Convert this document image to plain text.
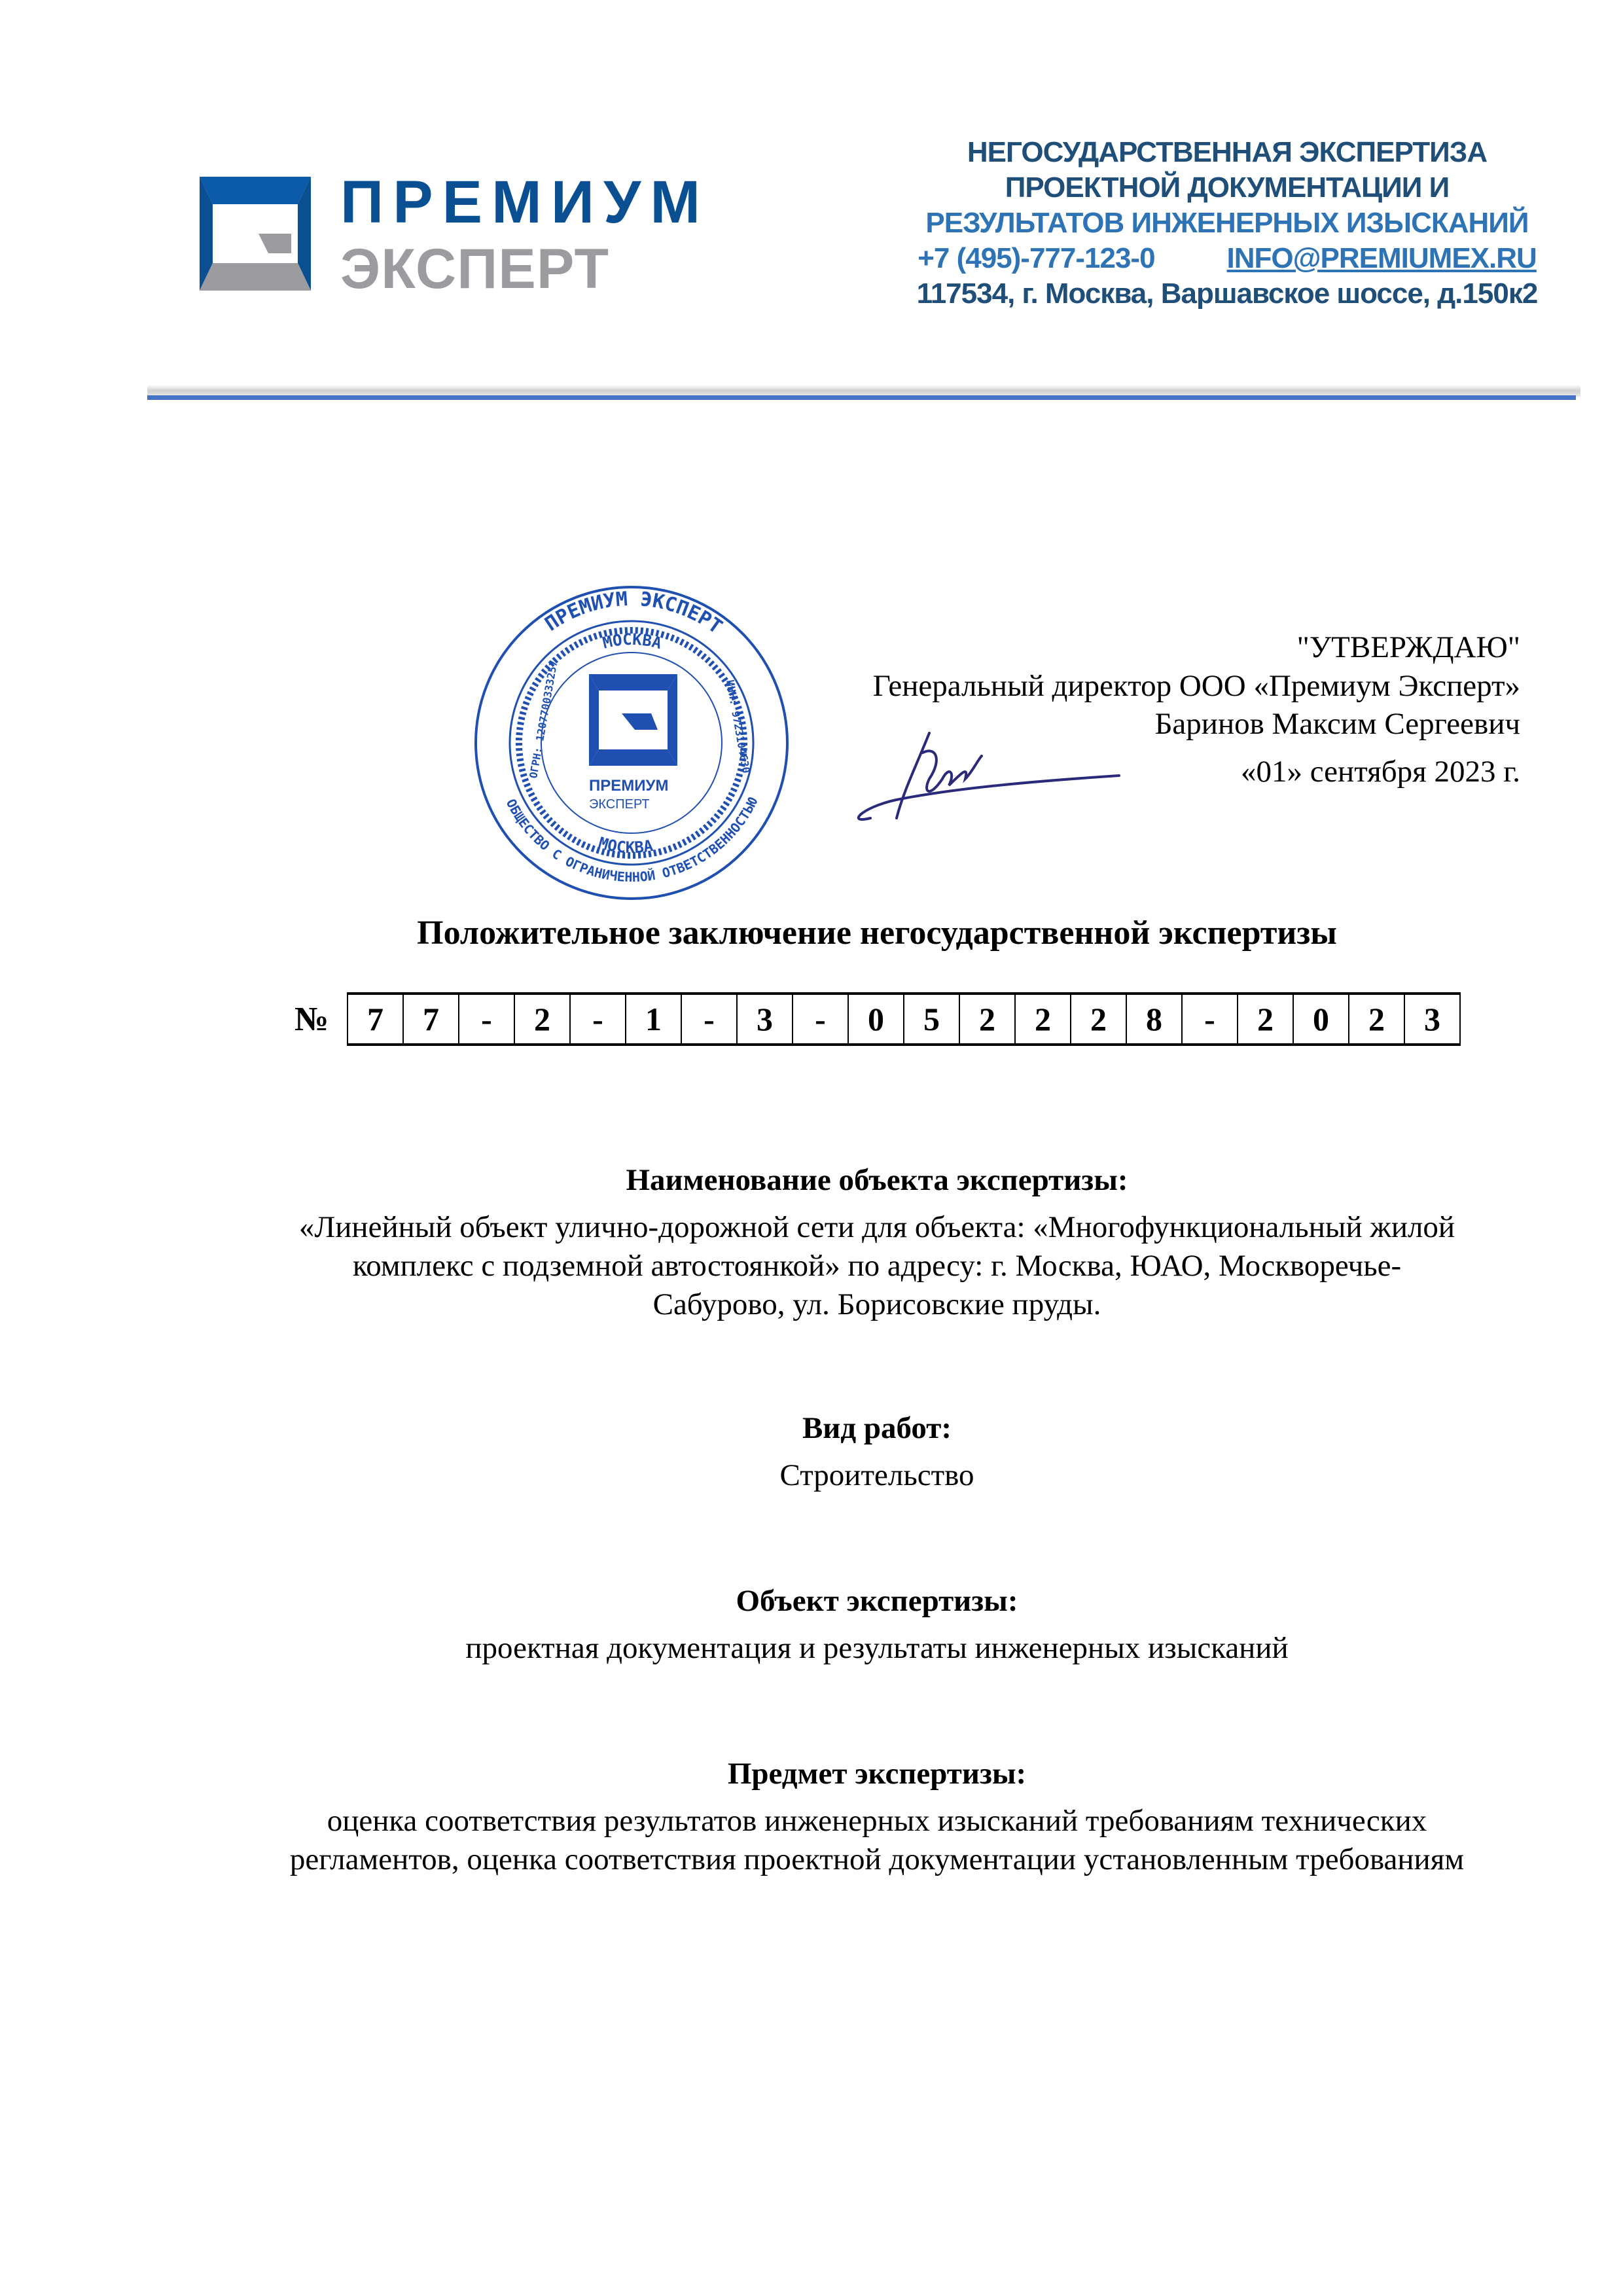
ПРЕМИУМ
ЭКСПЕРТ
НЕГОСУДАРСТВЕННАЯ ЭКСПЕРТИЗА
ПРОЕКТНОЙ ДОКУМЕНТАЦИИ И
РЕЗУЛЬТАТОВ ИНЖЕНЕРНЫХ ИЗЫСКАНИЙ
+7 (495)-777-123-0	INFO@PREMIUMEX.RU
117534, г. Москва, Варшавское шоссе, д.150к2
ПРЕМИУМ ЭКСПЕРТ
ОБЩЕСТВО С ОГРАНИЧЕННОЙ ОТВЕТСТВЕННОСТЬЮ
МОСКВА
МОСКВА
ОГРН: 1207700333257	ИНН: 9723104630
ПРЕМИУМ
ЭКСПЕРТ
"УТВЕРЖДАЮ"
Генеральный директор ООО «Премиум Эксперт»
Баринов Максим Сергеевич
«01» сентября 2023 г.
Положительное заключение негосударственной экспертизы
№	7	7	-	2	-	1	-	3	-	0	5	2	2	2	8	-	2	0	2	3
Наименование объекта экспертизы:
«Линейный объект улично-дорожной сети для объекта: «Многофункциональный жилой
комплекс с подземной автостоянкой» по адресу: г. Москва, ЮАО, Москворечье-
Сабурово, ул. Борисовские пруды.
Вид работ:
Строительство
Объект экспертизы:
проектная документация и результаты инженерных изысканий
Предмет экспертизы:
оценка соответствия результатов инженерных изысканий требованиям технических
регламентов, оценка соответствия проектной документации установленным требованиям
